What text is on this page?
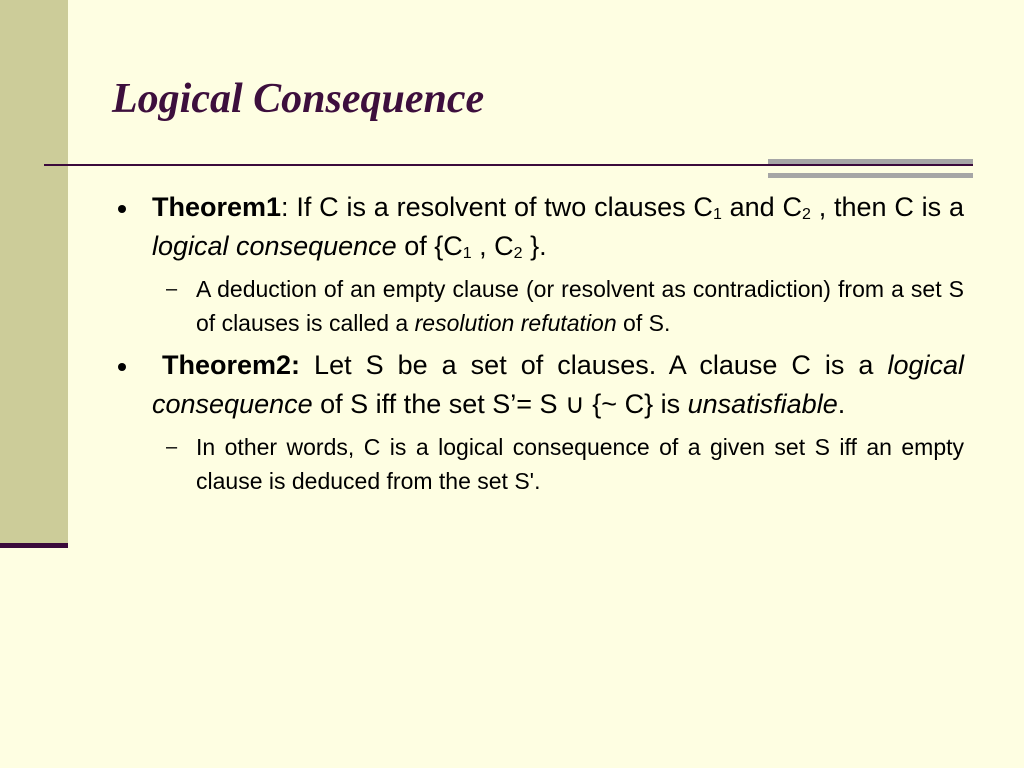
Logical Consequence
Theorem1: If C is a resolvent of two clauses $C_1$ and $C_2$ , then C is a logical consequence of {$C_1$ , $C_2$ }.
– A deduction of an empty clause (or resolvent as contradiction) from a set S of clauses is called a resolution refutation of S.
Theorem2: Let S be a set of clauses. A clause C is a logical consequence of S iff the set S’= S ∪ {~ C} is unsatisfiable.
– In other words, C is a logical consequence of a given set S iff an empty clause is deduced from the set S'.
